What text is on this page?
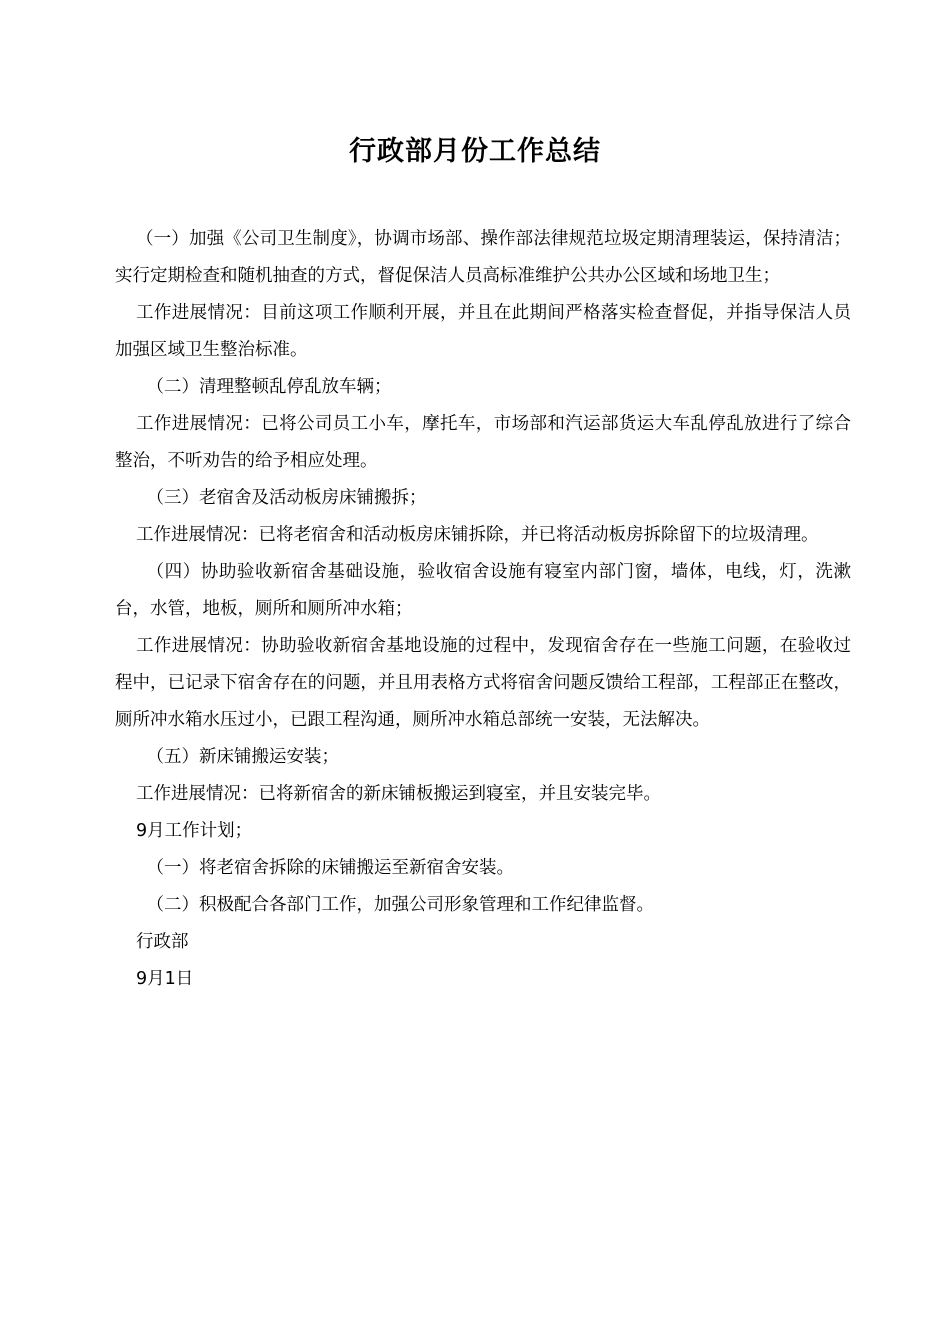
行政部月份工作总结

（一）加强《公司卫生制度》，协调市场部、操作部法律规范垃圾定期清理装运，保持清洁；实行定期检查和随机抽查的方式，督促保洁人员高标准维护公共办公区域和场地卫生；

工作进展情况：目前这项工作顺利开展，并且在此期间严格落实检查督促，并指导保洁人员加强区域卫生整治标准。

（二）清理整顿乱停乱放车辆；

工作进展情况：已将公司员工小车，摩托车，市场部和汽运部货运大车乱停乱放进行了综合整治，不听劝告的给予相应处理。

（三）老宿舍及活动板房床铺搬拆；

工作进展情况：已将老宿舍和活动板房床铺拆除，并已将活动板房拆除留下的垃圾清理。

（四）协助验收新宿舍基础设施，验收宿舍设施有寝室内部门窗，墙体，电线，灯，洗漱台，水管，地板，厕所和厕所冲水箱；

工作进展情况：协助验收新宿舍基地设施的过程中，发现宿舍存在一些施工问题，在验收过程中，已记录下宿舍存在的问题，并且用表格方式将宿舍问题反馈给工程部，工程部正在整改，厕所冲水箱水压过小，已跟工程沟通，厕所冲水箱总部统一安装，无法解决。

（五）新床铺搬运安装；

工作进展情况：已将新宿舍的新床铺板搬运到寝室，并且安装完毕。

9月工作计划；

（一）将老宿舍拆除的床铺搬运至新宿舍安装。

（二）积极配合各部门工作，加强公司形象管理和工作纪律监督。

行政部

9月1日
